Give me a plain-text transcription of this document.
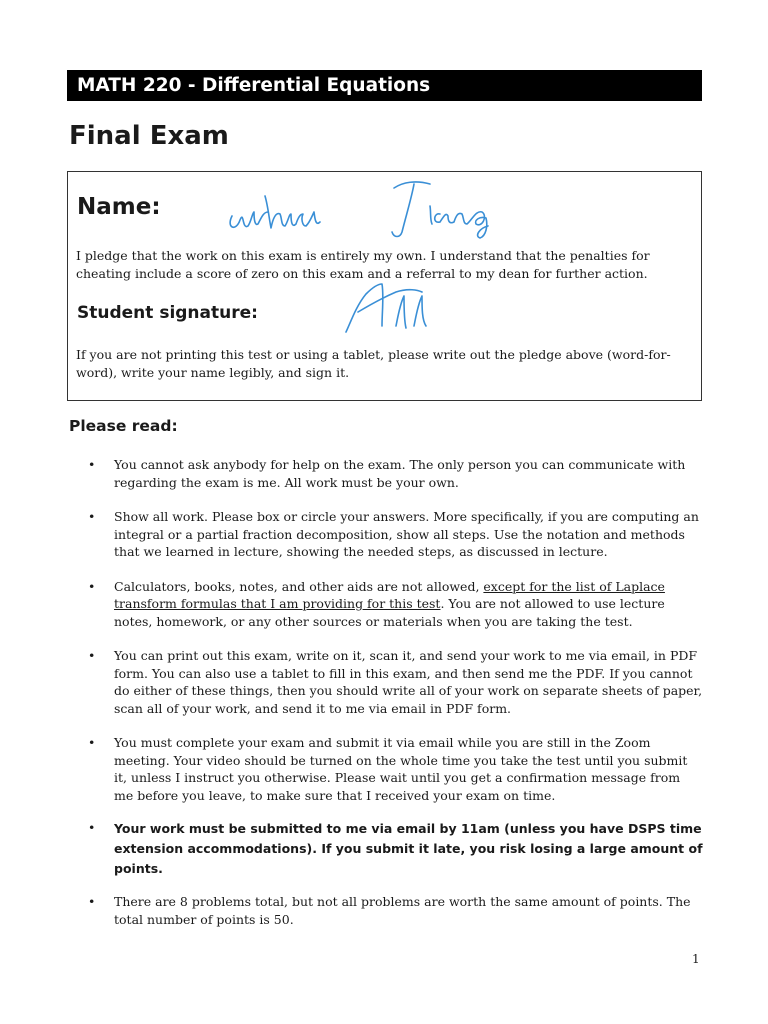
MATH 220 - Differential Equations
Final Exam
Name:
I pledge that the work on this exam is entirely my own. I understand that the penalties for cheating include a score of zero on this exam and a referral to my dean for further action.
Student signature:
If you are not printing this test or using a tablet, please write out the pledge above (word-for-word), write your name legibly, and sign it.
Please read:
• You cannot ask anybody for help on the exam. The only person you can communicate with regarding the exam is me. All work must be your own.
• Show all work. Please box or circle your answers. More specifically, if you are computing an integral or a partial fraction decomposition, show all steps. Use the notation and methods that we learned in lecture, showing the needed steps, as discussed in lecture.
• Calculators, books, notes, and other aids are not allowed, except for the list of Laplace transform formulas that I am providing for this test. You are not allowed to use lecture notes, homework, or any other sources or materials when you are taking the test.
• You can print out this exam, write on it, scan it, and send your work to me via email, in PDF form. You can also use a tablet to fill in this exam, and then send me the PDF. If you cannot do either of these things, then you should write all of your work on separate sheets of paper, scan all of your work, and send it to me via email in PDF form.
• You must complete your exam and submit it via email while you are still in the Zoom meeting. Your video should be turned on the whole time you take the test until you submit it, unless I instruct you otherwise. Please wait until you get a confirmation message from me before you leave, to make sure that I received your exam on time.
• Your work must be submitted to me via email by 11am (unless you have DSPS time extension accommodations). If you submit it late, you risk losing a large amount of points.
• There are 8 problems total, but not all problems are worth the same amount of points. The total number of points is 50.
1
